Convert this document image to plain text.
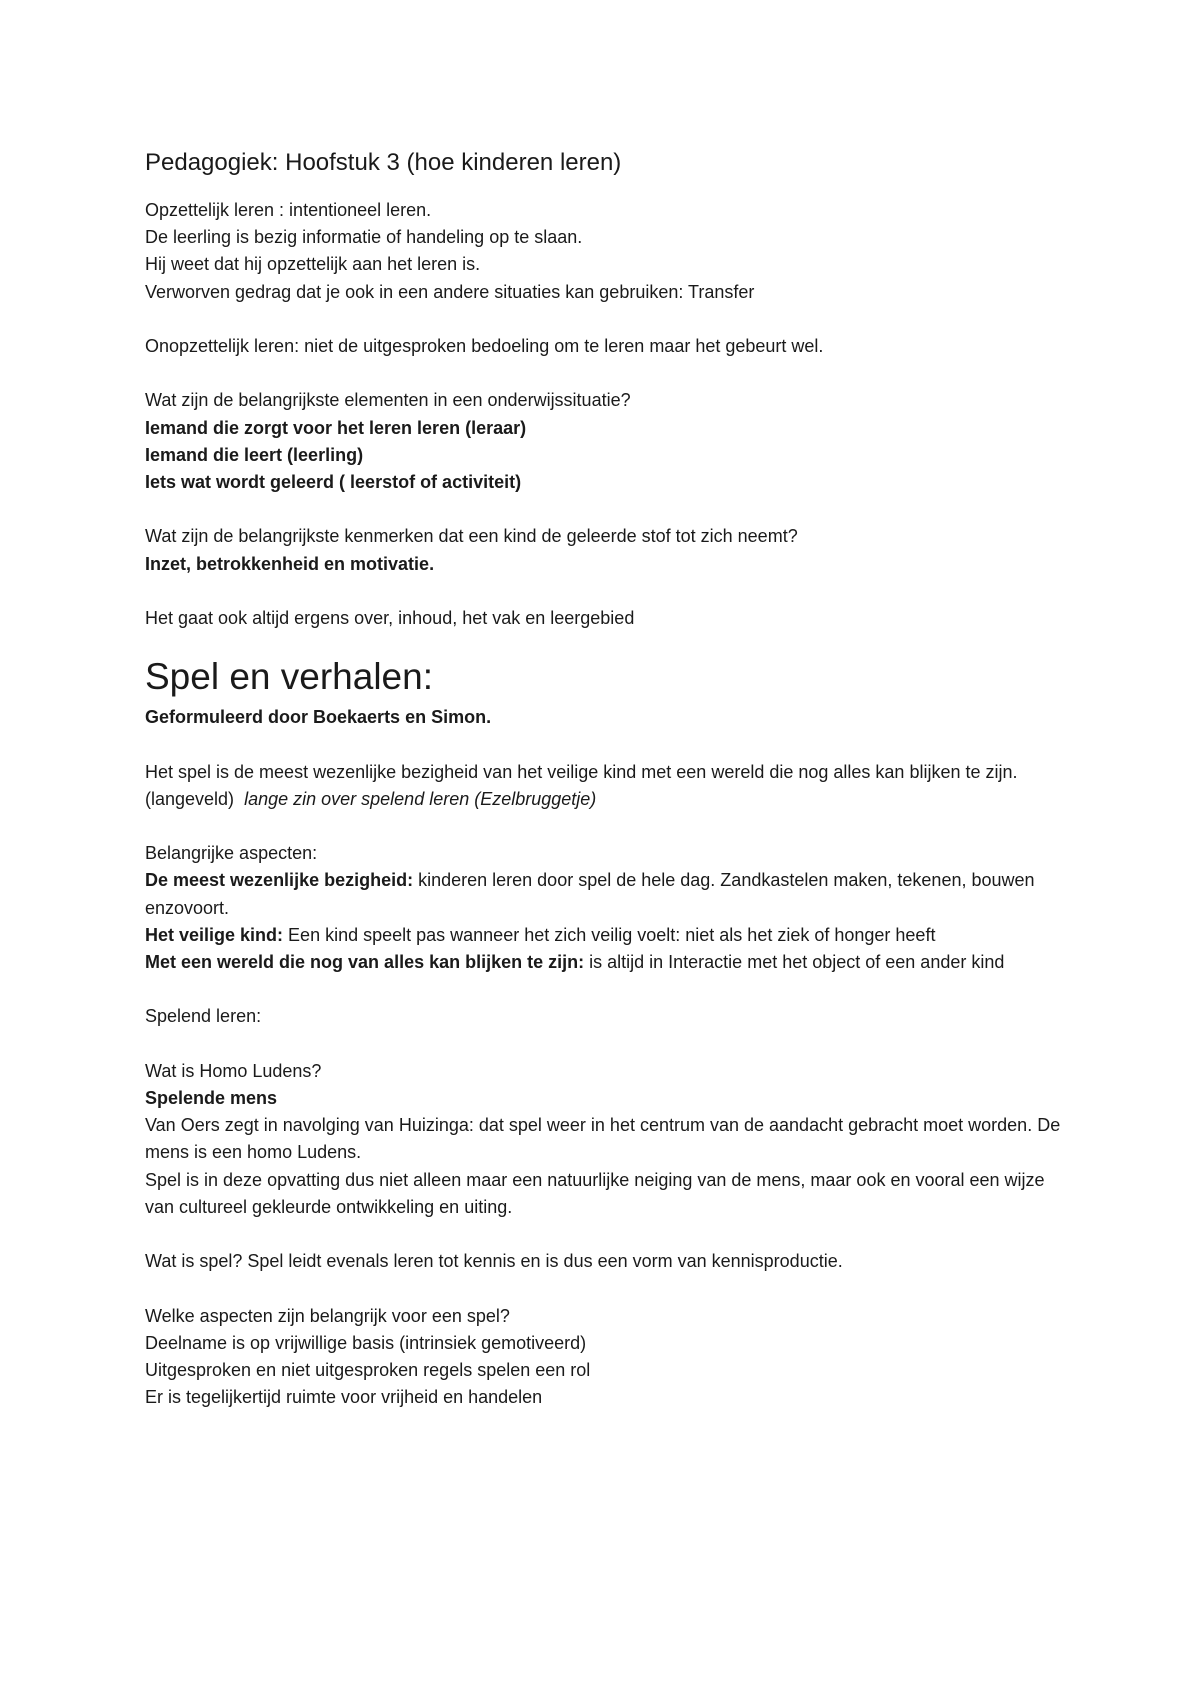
Pedagogiek: Hoofstuk 3 (hoe kinderen leren)

Opzettelijk leren : intentioneel leren.

De leerling is bezig informatie of handeling op te slaan.

Hij weet dat hij opzettelijk aan het leren is.

Verworven gedrag dat je ook in een andere situaties kan gebruiken: Transfer

Onopzettelijk leren: niet de uitgesproken bedoeling om te leren maar het gebeurt wel.

Wat zijn de belangrijkste elementen in een onderwijssituatie?

Iemand die zorgt voor het leren leren (leraar)

Iemand die leert (leerling)

Iets wat wordt geleerd ( leerstof of activiteit)

Wat zijn de belangrijkste kenmerken dat een kind de geleerde stof tot zich neemt?

Inzet, betrokkenheid en motivatie.

Het gaat ook altijd ergens over, inhoud, het vak en leergebied

Spel en verhalen:

Geformuleerd door Boekaerts en Simon.

Het spel is de meest wezenlijke bezigheid van het veilige kind met een wereld die nog alles kan blijken te zijn. (langeveld) lange zin over spelend leren (Ezelbruggetje)

Belangrijke aspecten:

De meest wezenlijke bezigheid: kinderen leren door spel de hele dag. Zandkastelen maken, tekenen, bouwen enzovoort.

Het veilige kind: Een kind speelt pas wanneer het zich veilig voelt: niet als het ziek of honger heeft

Met een wereld die nog van alles kan blijken te zijn: is altijd in Interactie met het object of een ander kind

Spelend leren:

Wat is Homo Ludens?

Spelende mens

Van Oers zegt in navolging van Huizinga: dat spel weer in het centrum van de aandacht gebracht moet worden. De mens is een homo Ludens.

Spel is in deze opvatting dus niet alleen maar een natuurlijke neiging van de mens, maar ook en vooral een wijze van cultureel gekleurde ontwikkeling en uiting.

Wat is spel? Spel leidt evenals leren tot kennis en is dus een vorm van kennisproductie.

Welke aspecten zijn belangrijk voor een spel?

Deelname is op vrijwillige basis (intrinsiek gemotiveerd)

Uitgesproken en niet uitgesproken regels spelen een rol

Er is tegelijkertijd ruimte voor vrijheid en handelen
